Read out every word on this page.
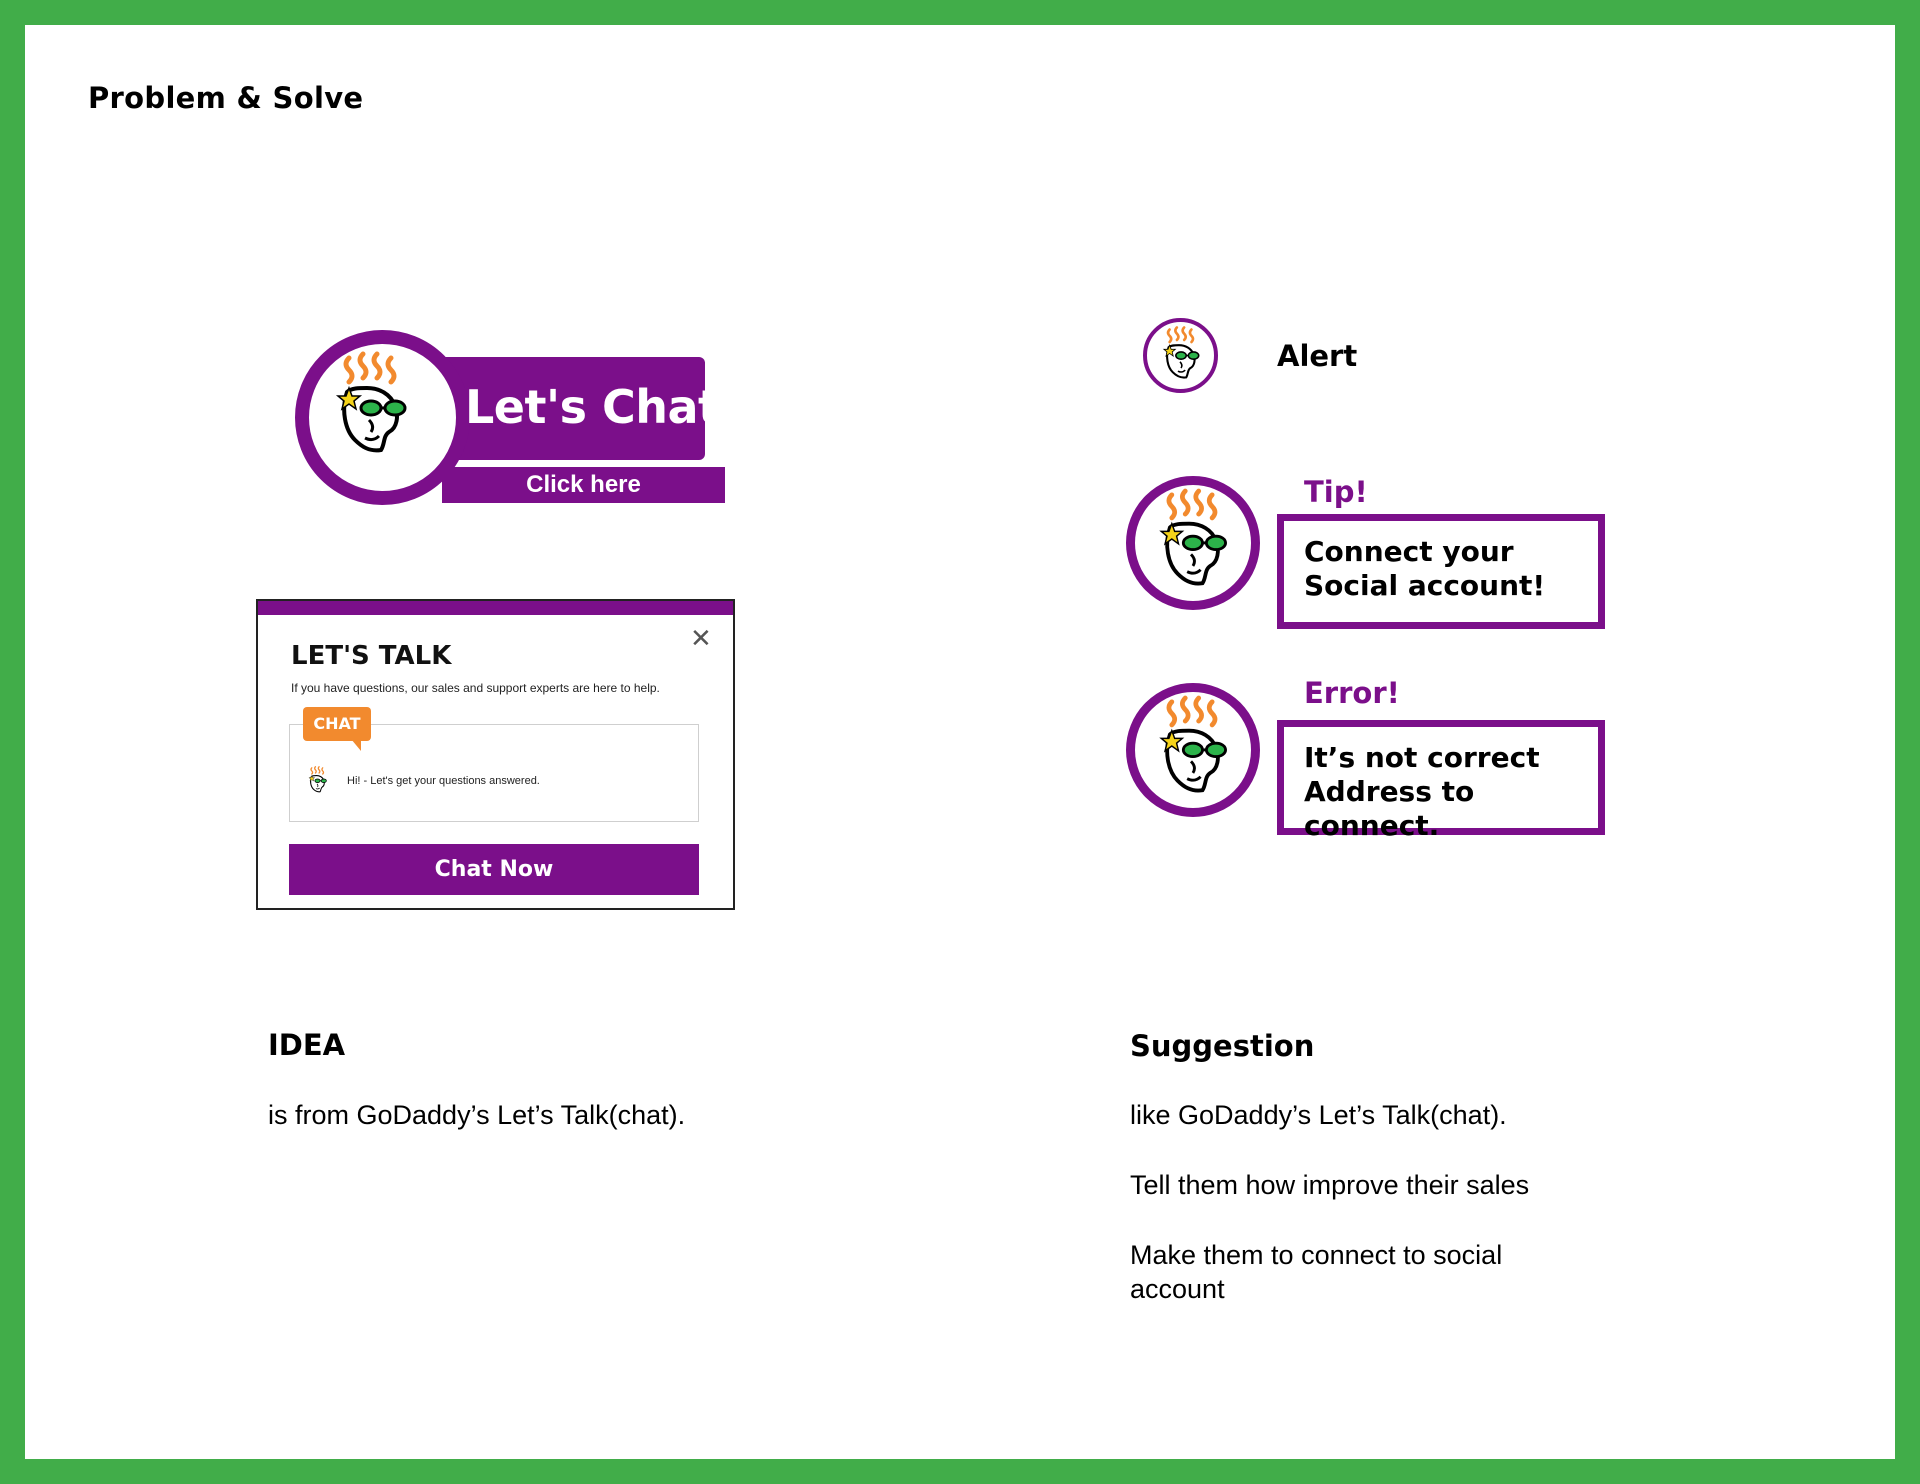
Problem & Solve
Let's Chat
Click here
LET'S TALK
✕
If you have questions, our sales and support experts are here to help.
Hi! - Let's get your questions answered.
CHAT
Chat Now
Alert
Tip!
Connect your
Social account!
Error!
It’s not correct
Address to connect.
IDEA
is from GoDaddy’s Let’s Talk(chat).
Suggestion
like GoDaddy’s Let’s Talk(chat).
Tell them how improve their sales
Make them to connect to social
account
